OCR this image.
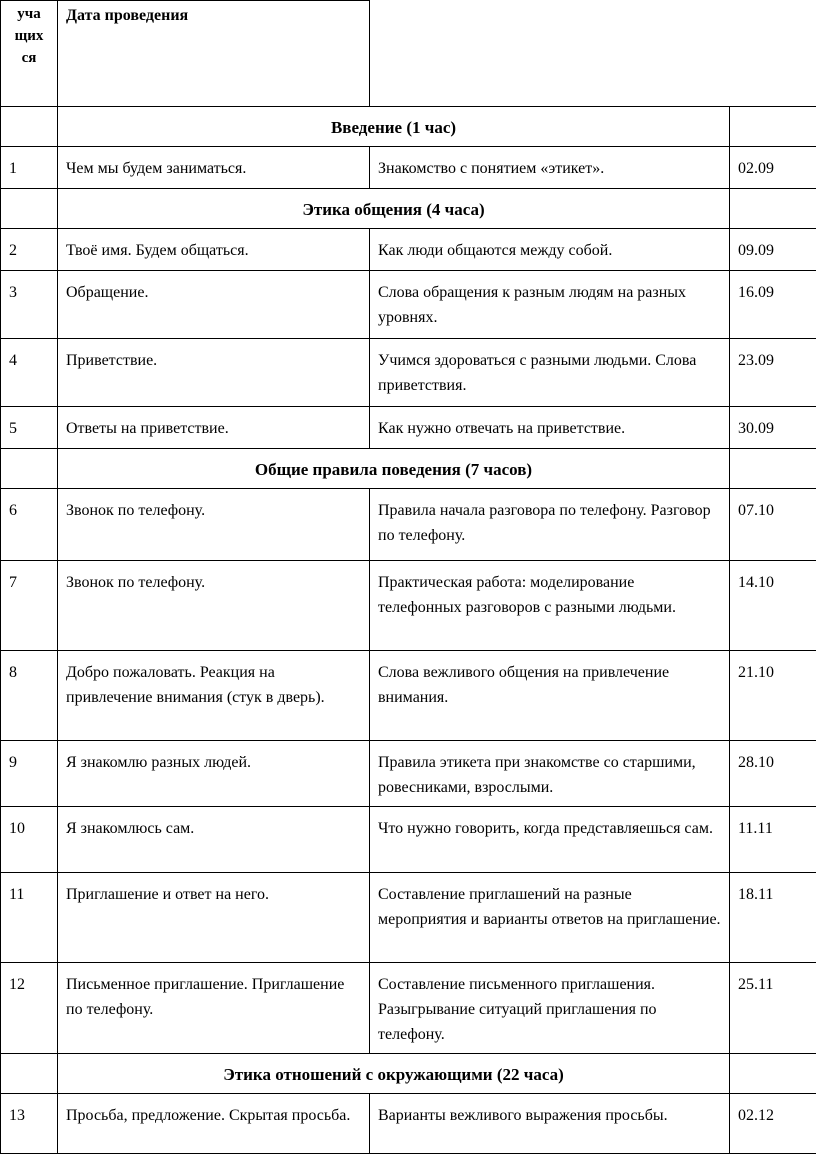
уча
щих
ся	Дата проведения		
	Введение (1 час)		
1	Чем мы будем заниматься.	Знакомство с понятием «этикет».	02.09
	Этика общения (4 часа)		
2	Твоё имя. Будем общаться.	Как люди общаются между собой.	09.09
3	Обращение.	Слова обращения к разным людям на разных уровнях.	16.09
4	Приветствие.	Учимся здороваться с разными людьми. Слова приветствия.	23.09
5	Ответы на приветствие.	Как нужно отвечать на приветствие.	30.09
	Общие правила поведения (7 часов)		
6	Звонок по телефону.	Правила начала разговора по телефону. Разговор по телефону.	07.10
7	Звонок по телефону.	Практическая работа: моделирование телефонных разговоров с разными людьми.	14.10
8	Добро пожаловать. Реакция на привлечение внимания (стук в дверь).	Слова вежливого общения на привлечение внимания.	21.10
9	Я знакомлю разных людей.	Правила этикета при знакомстве со старшими, ровесниками, взрослыми.	28.10
10	Я знакомлюсь сам.	Что нужно говорить, когда представляешься сам.	11.11
11	Приглашение и ответ на него.	Составление приглашений на разные мероприятия и варианты ответов на приглашение.	18.11
12	Письменное приглашение. Приглашение по телефону.	Составление письменного приглашения. Разыгрывание ситуаций приглашения по телефону.	25.11
	Этика отношений с окружающими (22 часа)		
13	Просьба, предложение. Скрытая просьба.	Варианты вежливого выражения просьбы.	02.12
